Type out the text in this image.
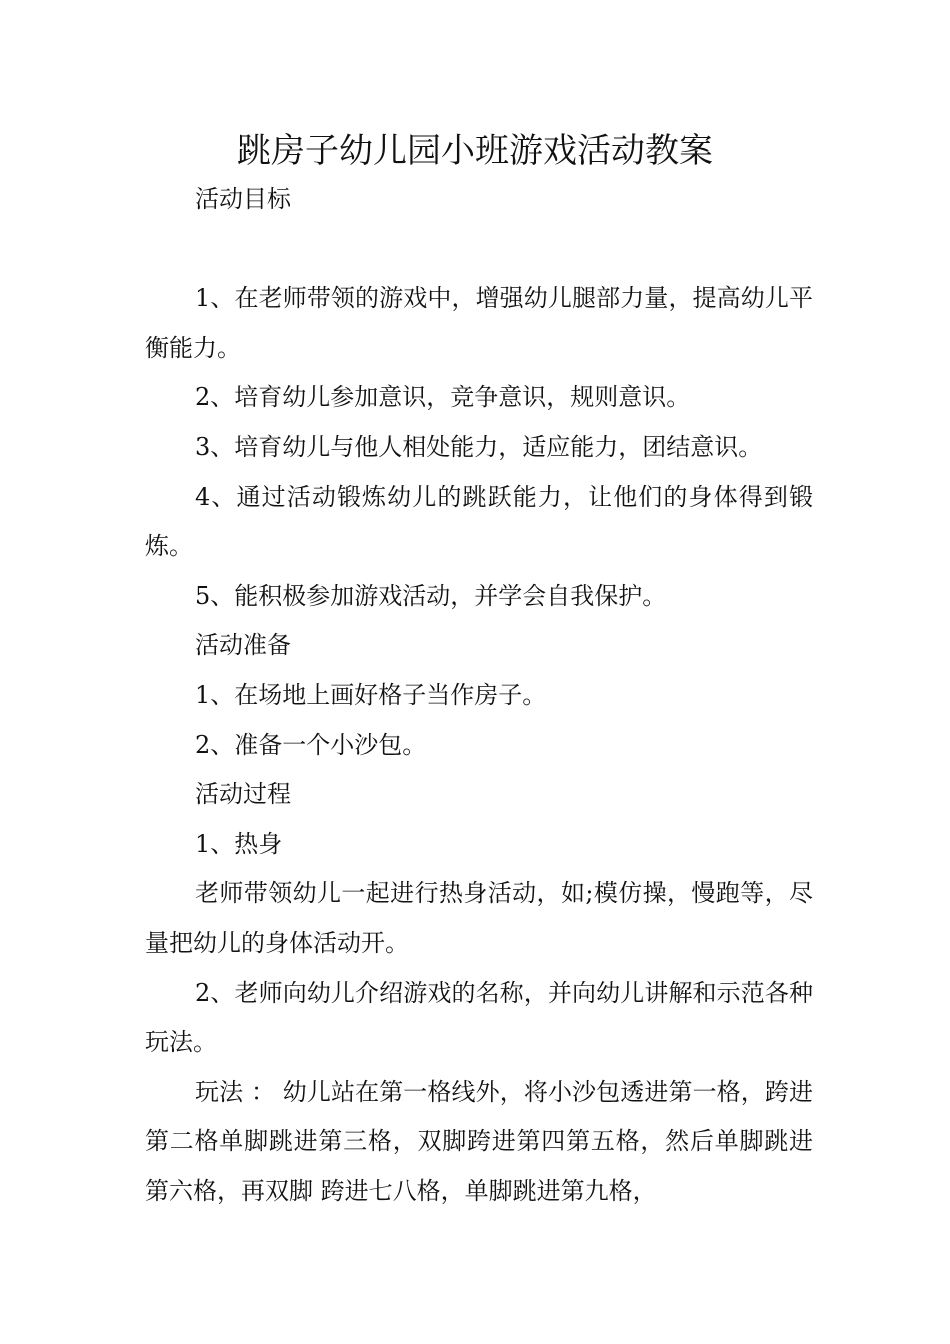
跳房子幼儿园小班游戏活动教案

活动目标

1、在老师带领的游戏中，增强幼儿腿部力量，提高幼儿平衡能力。

2、培育幼儿参加意识，竞争意识，规则意识。

3、培育幼儿与他人相处能力，适应能力，团结意识。

4、通过活动锻炼幼儿的跳跃能力，让他们的身体得到锻炼。

5、能积极参加游戏活动，并学会自我保护。

活动准备

1、在场地上画好格子当作房子。

2、准备一个小沙包。

活动过程

1、热身

老师带领幼儿一起进行热身活动，如;模仿操，慢跑等，尽量把幼儿的身体活动开。

2、老师向幼儿介绍游戏的名称，并向幼儿讲解和示范各种玩法。

玩法 ： 幼儿站在第一格线外，将小沙包透进第一格，跨进第二格单脚跳进第三格，双脚跨进第四第五格，然后单脚跳进第六格，再双脚 跨进七八格，单脚跳进第九格，
